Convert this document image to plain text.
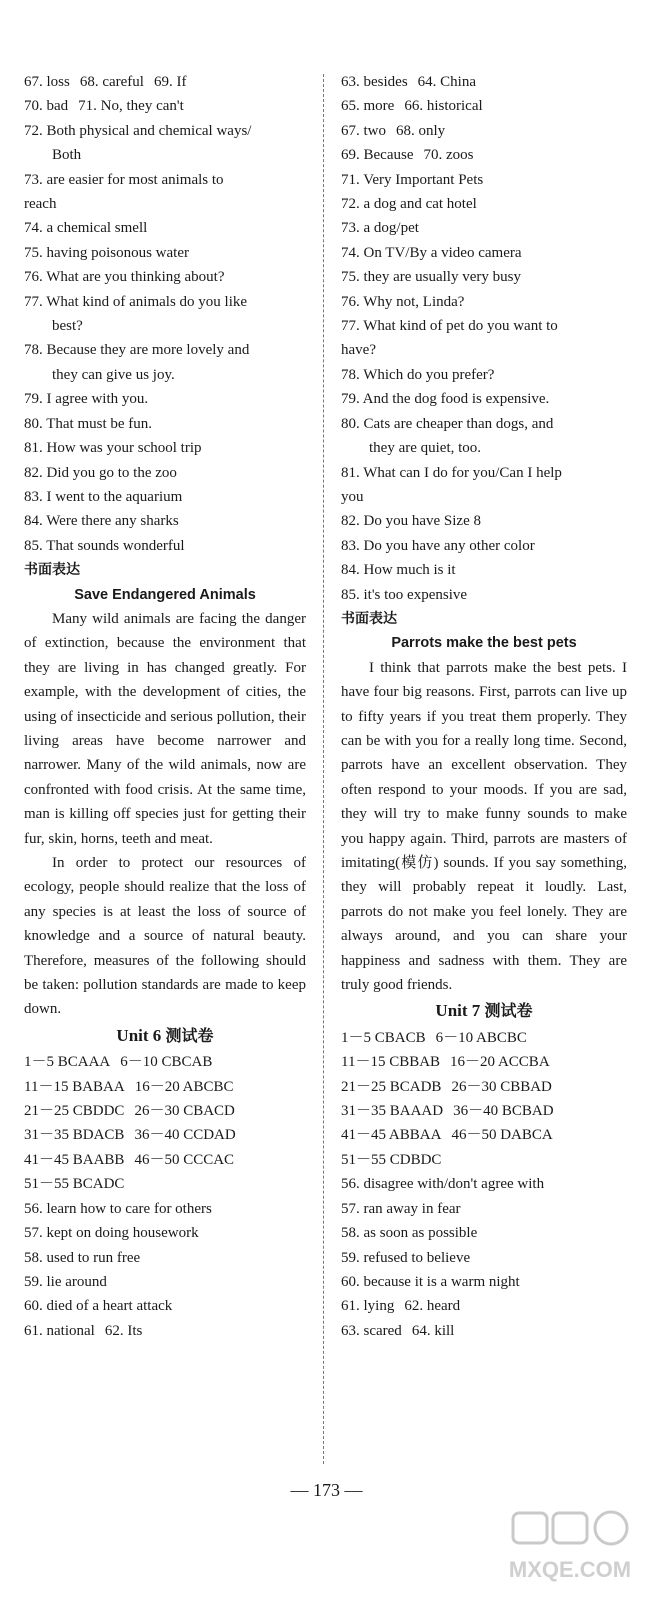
67. loss 68. careful 69. If
70. bad 71. No, they can't
72. Both physical and chemical ways/
Both
73. are easier for most animals to
reach
74. a chemical smell
75. having poisonous water
76. What are you thinking about?
77. What kind of animals do you like
best?
78. Because they are more lovely and
they can give us joy.
79. I agree with you.
80. That must be fun.
81. How was your school trip
82. Did you go to the zoo
83. I went to the aquarium
84. Were there any sharks
85. That sounds wonderful
书面表达
Save Endangered Animals

Many wild animals are facing the danger of extinction, because the environment that they are living in has changed greatly. For example, with the development of cities, the using of insecticide and serious pollution, their living areas have become narrower and narrower. Many of the wild animals, now are confronted with food crisis. At the same time, man is killing off species just for getting their fur, skin, horns, teeth and meat.

In order to protect our resources of ecology, people should realize that the loss of any species is at least the loss of source of knowledge and a source of natural beauty. Therefore, measures of the following should be taken: pollution standards are made to keep down.

Unit 6 测试卷
1－5 BCAAA 6－10 CBCAB
11－15 BABAA 16－20 ABCBC
21－25 CBDDC 26－30 CBACD
31－35 BDACB 36－40 CCDAD
41－45 BAABB 46－50 CCCAC
51－55 BCADC
56. learn how to care for others
57. kept on doing housework
58. used to run free
59. lie around
60. died of a heart attack
61. national 62. Its
63. besides 64. China
65. more 66. historical
67. two 68. only
69. Because 70. zoos
71. Very Important Pets
72. a dog and cat hotel
73. a dog/pet
74. On TV/By a video camera
75. they are usually very busy
76. Why not, Linda?
77. What kind of pet do you want to
have?
78. Which do you prefer?
79. And the dog food is expensive.
80. Cats are cheaper than dogs, and
they are quiet, too.
81. What can I do for you/Can I help
you
82. Do you have Size 8
83. Do you have any other color
84. How much is it
85. it's too expensive
书面表达
Parrots make the best pets

I think that parrots make the best pets. I have four big reasons. First, parrots can live up to fifty years if you treat them properly. They can be with you for a really long time. Second, parrots have an excellent observation. They often respond to your moods. If you are sad, they will try to make funny sounds to make you happy again. Third, parrots are masters of imitating(模仿) sounds. If you say something, they will probably repeat it loudly. Last, parrots do not make you feel lonely. They are always around, and you can share your happiness and sadness with them. They are truly good friends.

Unit 7 测试卷
1－5 CBACB 6－10 ABCBC
11－15 CBBAB 16－20 ACCBA
21－25 BCADB 26－30 CBBAD
31－35 BAAAD 36－40 BCBAD
41－45 ABBAA 46－50 DABCA
51－55 CDBDC
56. disagree with/don't agree with
57. ran away in fear
58. as soon as possible
59. refused to believe
60. because it is a warm night
61. lying 62. heard
63. scared 64. kill
— 173 —
MXQE.COM
